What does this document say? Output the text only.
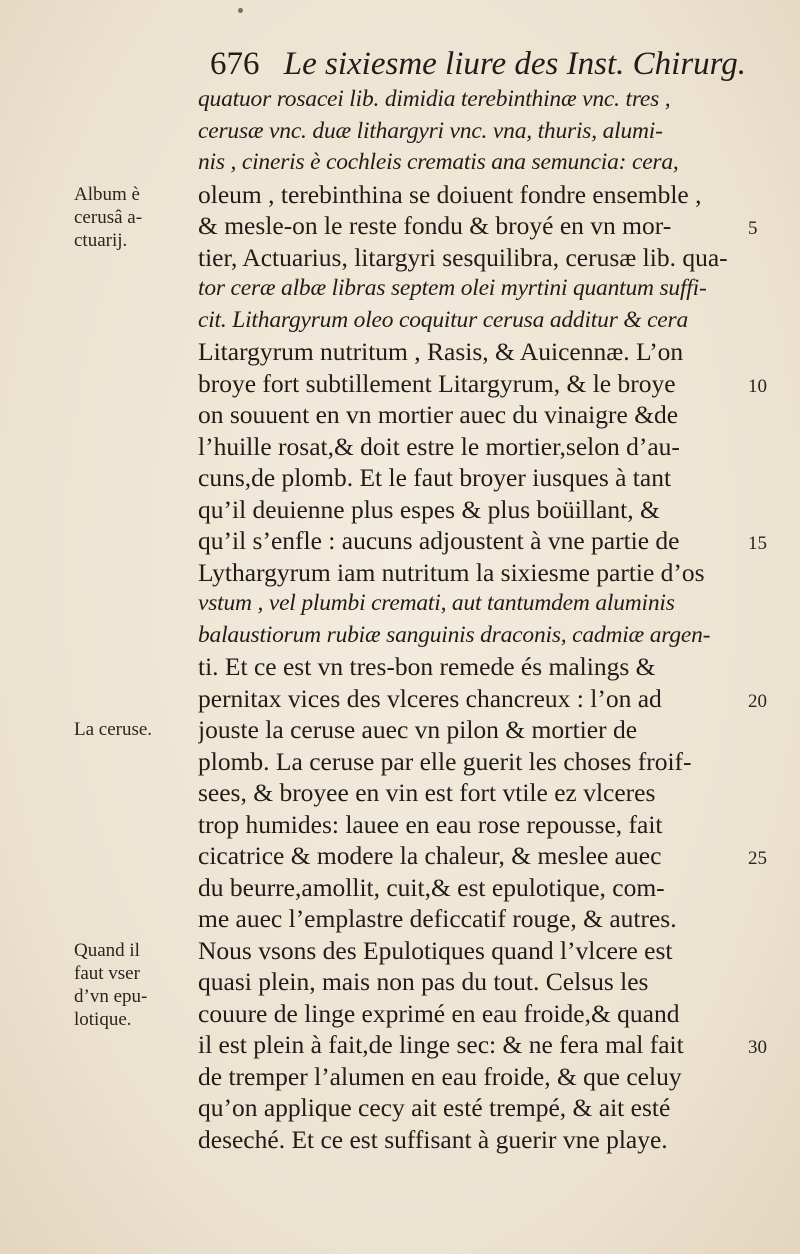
676 Le sixiesme liure des Inst. Chirurg.
quatuor rosacei lib. dimidia terebinthinæ vnc. tres ,
cerusæ vnc. duæ lithargyri vnc. vna, thuris, alumi-
nis , cineris è cochleis crematis ana semuncia: cera,
oleum , terebinthina se doiuent fondre ensemble ,
& mesle-on le reste fondu & broyé en vn mor-
tier, Actuarius, litargyri sesquilibra, cerusæ lib. qua-
tor ceræ albæ libras septem olei myrtini quantum suffi-
cit. Lithargyrum oleo coquitur cerusa additur & cera
Litargyrum nutritum , Rasis, & Auicennæ. L’on
broye fort subtillement Litargyrum, & le broye
on souuent en vn mortier auec du vinaigre &de
l’huille rosat,& doit estre le mortier,selon d’au-
cuns,de plomb. Et le faut broyer iusques à tant
qu’il deuienne plus espes & plus boüillant, &
qu’il s’enfle : aucuns adjoustent à vne partie de
Lythargyrum iam nutritum la sixiesme partie d’os
vstum , vel plumbi cremati, aut tantumdem aluminis
balaustiorum rubiæ sanguinis draconis, cadmiæ argen-
ti. Et ce est vn tres-bon remede és malings &
pernitax vices des vlceres chancreux : l’on ad
jouste la ceruse auec vn pilon & mortier de
plomb. La ceruse par elle guerit les choses froif-
sees, & broyee en vin est fort vtile ez vlceres
trop humides: lauee en eau rose repousse, fait
cicatrice & modere la chaleur, & meslee auec
du beurre,amollit, cuit,& est epulotique, com-
me auec l’emplastre deficcatif rouge, & autres.
Nous vsons des Epulotiques quand l’vlcere est
quasi plein, mais non pas du tout. Celsus les
couure de linge exprimé en eau froide,& quand
il est plein à fait,de linge sec: & ne fera mal fait
de tremper l’alumen en eau froide, & que celuy
qu’on applique cecy ait esté trempé, & ait esté
deseché. Et ce est suffisant à guerir vne playe.
Album è
cerusâ a-
ctuarij.
La cerusе.
Quand il
faut vser
d’vn epu-
lotique.
5
10
15
20
25
30
